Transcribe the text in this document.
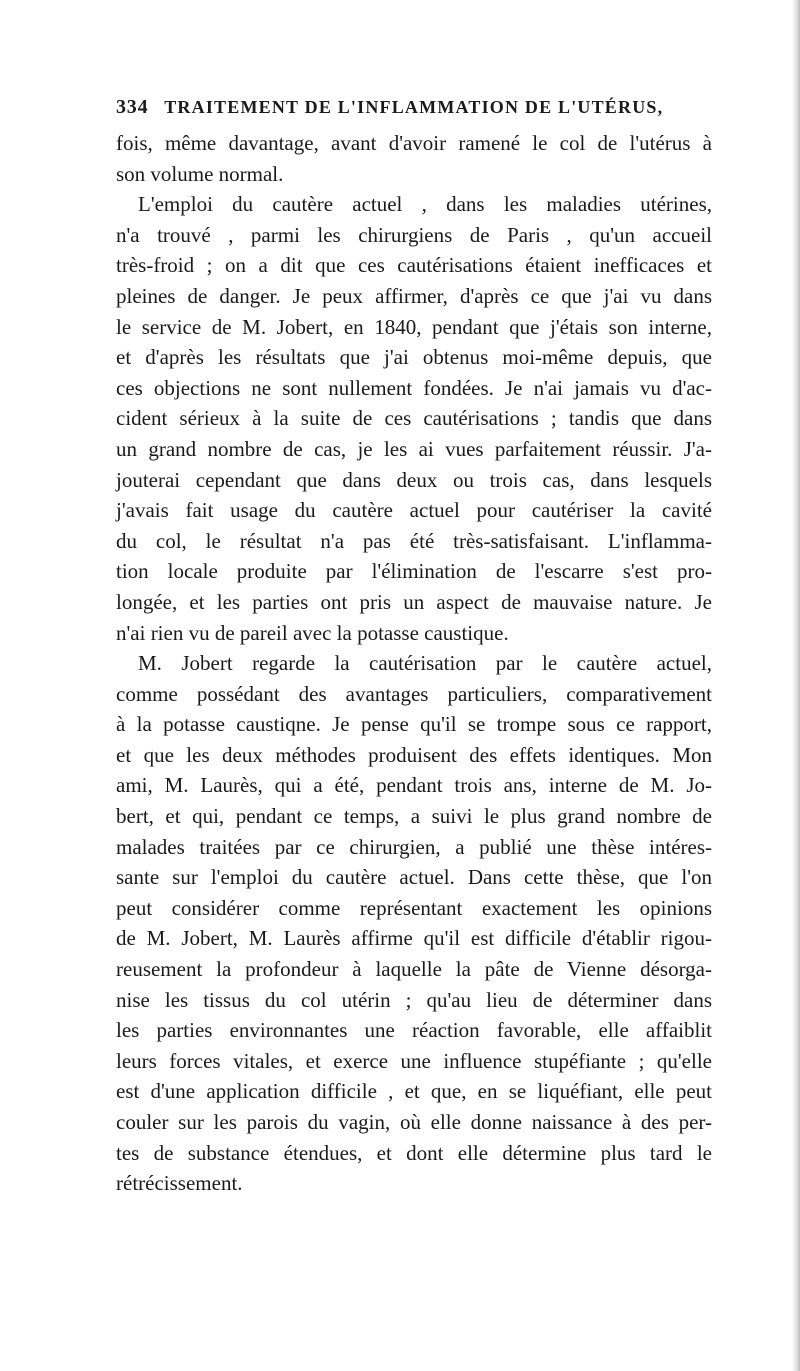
334 TRAITEMENT DE L'INFLAMMATION DE L'UTÉRUS,
fois, même davantage, avant d'avoir ramené le col de l'utérus à
son volume normal.
L'emploi du cautère actuel , dans les maladies utérines,
n'a trouvé , parmi les chirurgiens de Paris , qu'un accueil
très-froid ; on a dit que ces cautérisations étaient inefficaces et
pleines de danger. Je peux affirmer, d'après ce que j'ai vu dans
le service de M. Jobert, en 1840, pendant que j'étais son interne,
et d'après les résultats que j'ai obtenus moi-même depuis, que
ces objections ne sont nullement fondées. Je n'ai jamais vu d'ac-
cident sérieux à la suite de ces cautérisations ; tandis que dans
un grand nombre de cas, je les ai vues parfaitement réussir. J'a-
jouterai cependant que dans deux ou trois cas, dans lesquels
j'avais fait usage du cautère actuel pour cautériser la cavité
du col, le résultat n'a pas été très-satisfaisant. L'inflamma-
tion locale produite par l'élimination de l'escarre s'est pro-
longée, et les parties ont pris un aspect de mauvaise nature. Je
n'ai rien vu de pareil avec la potasse caustique.
M. Jobert regarde la cautérisation par le cautère actuel,
comme possédant des avantages particuliers, comparativement
à la potasse caustiqne. Je pense qu'il se trompe sous ce rapport,
et que les deux méthodes produisent des effets identiques. Mon
ami, M. Laurès, qui a été, pendant trois ans, interne de M. Jo-
bert, et qui, pendant ce temps, a suivi le plus grand nombre de
malades traitées par ce chirurgien, a publié une thèse intéres-
sante sur l'emploi du cautère actuel. Dans cette thèse, que l'on
peut considérer comme représentant exactement les opinions
de M. Jobert, M. Laurès affirme qu'il est difficile d'établir rigou-
reusement la profondeur à laquelle la pâte de Vienne désorga-
nise les tissus du col utérin ; qu'au lieu de déterminer dans
les parties environnantes une réaction favorable, elle affaiblit
leurs forces vitales, et exerce une influence stupéfiante ; qu'elle
est d'une application difficile , et que, en se liquéfiant, elle peut
couler sur les parois du vagin, où elle donne naissance à des per-
tes de substance étendues, et dont elle détermine plus tard le
rétrécissement.
